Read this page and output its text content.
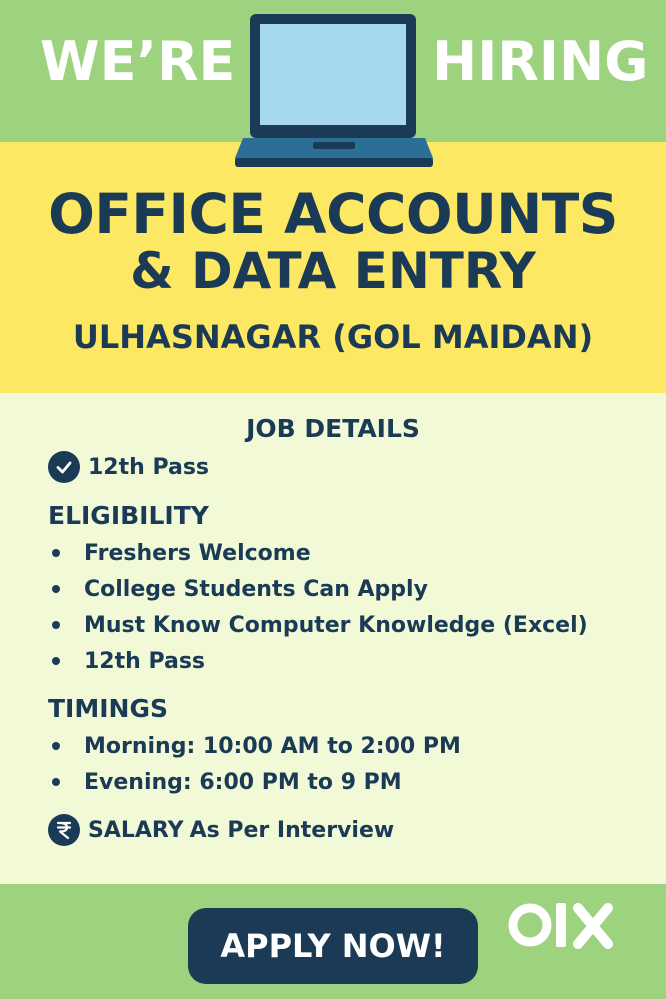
WE’RE	HIRING
OFFICE ACCOUNTS
& DATA ENTRY
ULHASNAGAR (GOL MAIDAN)
JOB DETAILS
12th Pass
ELIGIBILITY
Freshers Welcome
College Students Can Apply
Must Know Computer Knowledge (Excel)
12th Pass
TIMINGS
Morning: 10:00 AM to 2:00 PM
Evening: 6:00 PM to 9 PM
SALARY As Per Interview
APPLY NOW!
